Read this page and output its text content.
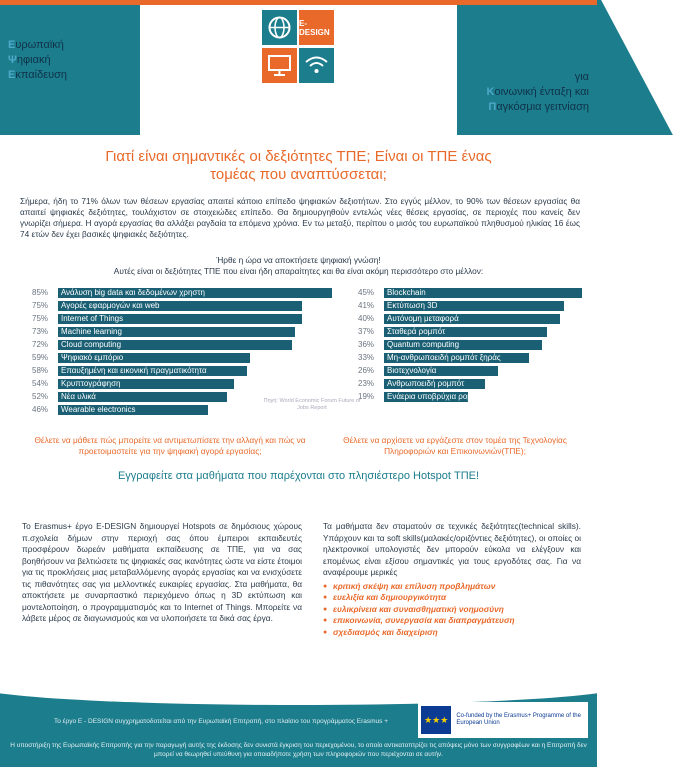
Ευρωπαϊκή
Ψηφιακή
Εκπαίδευση	για
Κοινωνική ένταξη και
Παγκόσμια γειτνίαση
E-DESIGN
Γιατί είναι σημαντικές οι δεξιότητες ΤΠΕ; Είναι οι ΤΠΕ ένας
τομέας που αναπτύσσεται;
Σήμερα, ήδη το 71% όλων των θέσεων εργασίας απαιτεί κάποιο επίπεδο ψηφιακών δεξιοτήτων. Στο εγγύς μέλλον, το 90% των θέσεων εργασίας θα απαιτεί ψηφιακές δεξιότητες, τουλάχιστον σε στοιχειώδες επίπεδο. Θα δημιουργηθούν εντελώς νέες θέσεις εργασίας, σε περιοχές που κανείς δεν γνωρίζει σήμερα. Η αγορά εργασίας θα αλλάξει ραγδαία τα επόμενα χρόνια. Εν τω μεταξύ, περίπου ο μισός του ευρωπαϊκού πληθυσμού ηλικίας 16 έως 74 ετών δεν έχει βασικές ψηφιακές δεξιότητες.
Ήρθε η ώρα να αποκτήσετε ψηφιακή γνώση!
Αυτές είναι οι δεξιότητες ΤΠΕ που είναι ήδη απαραίτητες και θα είναι ακόμη περισσότερο στο μέλλον:
85%	Ανάλυση big data και δεδομένων χρηστη
75%	Αγορές εφαρμογών και web
75%	Internet of Things
73%	Machine learning
72%	Cloud computing
59%	Ψηφιακό εμπόριο
58%	Επαυξημένη και εικονική πραγματικότητα
54%	Κρυπτογράφηση
52%	Νέα υλικά
46%	Wearable electronics
45%	Blockchain
41%	Εκτύπωση 3D
40%	Αυτόνομη μεταφορά
37%	Σταθερά ρομπότ
36%	Quantum computing
33%	Μη-ανθρωποειδή ρομπότ ξηράς
26%	Βιοτεχνολογία
23%	Ανθρωποειδή ρομπότ
19%	Ενάερια υποβρύχια ρομπότ
Πηγή: World Economic Forum Future of Jobs Report
Θέλετε να μάθετε πώς μπορείτε να αντιμετωπίσετε την αλλαγή και πώς να προετοιμαστείτε για την ψηφιακή αγορά εργασίας;
Θέλετε να αρχίσετε να εργάζεστε στον τομέα της Τεχνολογίας Πληροφοριών και Επικοινωνιών(ΤΠΕ);
Εγγραφείτε στα μαθήματα που παρέχονται στο πλησιέστερο Hotspot ΤΠΕ!
Το Erasmus+ έργο E-DESIGN δημιουργεί Hotspots σε δημόσιους χώρους π.σχολεία δήμων στην περιοχή σας όπου έμπειροι εκπαιδευτές προσφέρουν δωρεάν μαθήματα εκπαίδευσης σε ΤΠΕ, για να σας βοηθήσουν να βελτιώσετε τις ψηφιακές σας ικανότητες ώστε να είστε έτοιμοι για τις προκλήσεις μιας μεταβαλλόμενης αγοράς εργασίας και να ενισχύσετε τις πιθανότητες σας για μελλοντικές ευκαιρίες εργασίας. Στα μαθήματα, θα αποκτήσετε με συναρπαστικό περιεχόμενο όπως η 3D εκτύπωση και μοντελοποίηση, ο προγραμματισμός και το Internet of Things. Μπορείτε να λάβετε μέρος σε διαγωνισμούς και να υλοποιήσετε τα δικά σας έργα.
Τα μαθήματα δεν σταματούν σε τεχνικές δεξιότητες(technical skills). Υπάρχουν και τα soft skills(μαλακές/οριζόντιες δεξιότητες), οι οποίες οι ηλεκτρονικοί υπολογιστές δεν μπορούν εύκολα να ελέγξουν και επομένως είναι εξίσου σημαντικές για τους εργοδότες σας. Για να αναφέρουμε μερικές
● κριτική σκέψη και επίλυση προβλημάτων
● ευελιξία και δημιουργικότητα
● ευλικρίνεια και συναισθηματική νοημοσύνη
● επικοινωνία, συνεργασία και διαπραγμάτευση
● σχεδιασμός και διαχείριση
WWW.E-DESIGNPROJECT.EU
Το έργο E - DESIGN συγχρηματοδοτείται από την Ευρωπαϊκή Επιτροπή, στο πλαίσιο του προγράμματος Erasmus +	★★★	Co-funded by the Erasmus+ Programme of the European Union
Η υποστήριξη της Ευρωπαϊκής Επιτροπής για την παραγωγή αυτής της έκδοσης δεν συνιστά έγκριση του περιεχομένου, το οποίο αντικατοπτρίζει τις απόψεις μόνο των συγγραφέων και η Επιτροπή δεν μπορεί να θεωρηθεί υπεύθυνη για οποιαδήποτε χρήση των πληροφοριών που περιέχονται σε αυτήν.
